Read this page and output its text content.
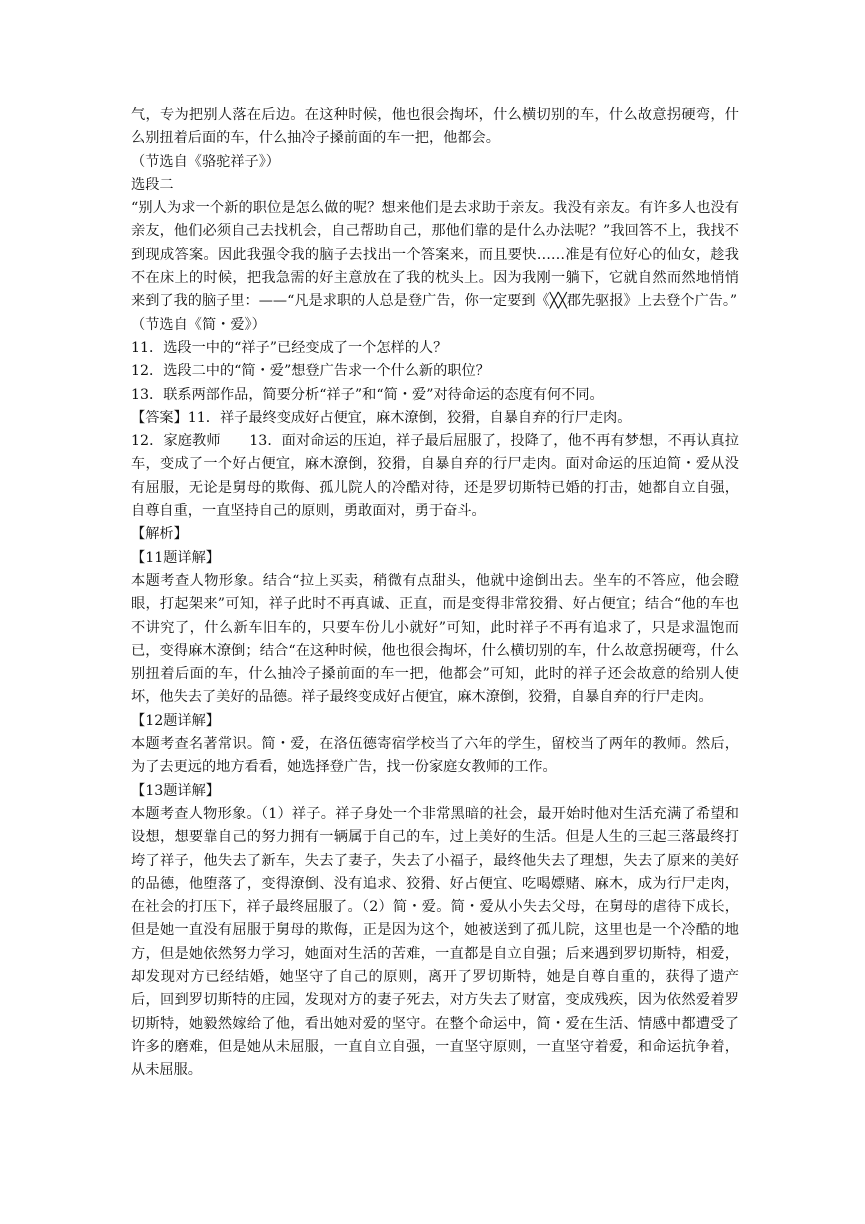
气，专为把别人落在后边。在这种时候，他也很会掏坏，什么横切别的车，什么故意拐硬弯，什么别扭着后面的车，什么抽冷子搡前面的车一把，他都会。
（节选自《骆驼祥子》）
选段二
“别人为求一个新的职位是怎么做的呢？想来他们是去求助于亲友。我没有亲友。有许多人也没有亲友，他们必须自己去找机会，自己帮助自己，那他们靠的是什么办法呢？”我回答不上，我找不到现成答案。因此我强令我的脑子去找出一个答案来，而且要快……准是有位好心的仙女，趁我不在床上的时候，把我急需的好主意放在了我的枕头上。因为我刚一躺下，它就自然而然地悄悄来到了我的脑子里：——“凡是求职的人总是登广告，你一定要到《╳╳郡先驱报》上去登个广告。”
（节选自《简・爱》）
11．选段一中的“祥子”已经变成了一个怎样的人？
12．选段二中的“简・爱”想登广告求一个什么新的职位？
13．联系两部作品，简要分析“祥子”和“简・爱”对待命运的态度有何不同。
【答案】11．祥子最终变成好占便宜，麻木潦倒，狡猾，自暴自弃的行尸走肉。
12．家庭教师　　13．面对命运的压迫，祥子最后屈服了，投降了，他不再有梦想，不再认真拉车，变成了一个好占便宜，麻木潦倒，狡猾，自暴自弃的行尸走肉。面对命运的压迫简・爱从没有屈服，无论是舅母的欺侮、孤儿院人的冷酷对待，还是罗切斯特已婚的打击，她都自立自强，自尊自重，一直坚持自己的原则，勇敢面对，勇于奋斗。
【解析】
【11题详解】
本题考查人物形象。结合“拉上买卖，稍微有点甜头，他就中途倒出去。坐车的不答应，他会瞪眼，打起架来”可知，祥子此时不再真诚、正直，而是变得非常狡猾、好占便宜；结合“他的车也不讲究了，什么新车旧车的，只要车份儿小就好”可知，此时祥子不再有追求了，只是求温饱而已，变得麻木潦倒；结合“在这种时候，他也很会掏坏，什么横切别的车，什么故意拐硬弯，什么别扭着后面的车，什么抽冷子搡前面的车一把，他都会”可知，此时的祥子还会故意的给别人使坏，他失去了美好的品德。祥子最终变成好占便宜，麻木潦倒，狡猾，自暴自弃的行尸走肉。
【12题详解】
本题考查名著常识。简・爱，在洛伍德寄宿学校当了六年的学生，留校当了两年的教师。然后，为了去更远的地方看看，她选择登广告，找一份家庭女教师的工作。
【13题详解】
本题考查人物形象。（1）祥子。祥子身处一个非常黑暗的社会，最开始时他对生活充满了希望和设想，想要靠自己的努力拥有一辆属于自己的车，过上美好的生活。但是人生的三起三落最终打垮了祥子，他失去了新车，失去了妻子，失去了小福子，最终他失去了理想，失去了原来的美好的品德，他堕落了，变得潦倒、没有追求、狡猾、好占便宜、吃喝嫖赌、麻木，成为行尸走肉，在社会的打压下，祥子最终屈服了。（2）简・爱。简・爱从小失去父母，在舅母的虐待下成长，但是她一直没有屈服于舅母的欺侮，正是因为这个，她被送到了孤儿院，这里也是一个冷酷的地方，但是她依然努力学习，她面对生活的苦难，一直都是自立自强；后来遇到罗切斯特，相爱，却发现对方已经结婚，她坚守了自己的原则，离开了罗切斯特，她是自尊自重的，获得了遗产后，回到罗切斯特的庄园，发现对方的妻子死去，对方失去了财富，变成残疾，因为依然爱着罗切斯特，她毅然嫁给了他，看出她对爱的坚守。在整个命运中，简・爱在生活、情感中都遭受了许多的磨难，但是她从未屈服，一直自立自强，一直坚守原则，一直坚守着爱，和命运抗争着，从未屈服。
